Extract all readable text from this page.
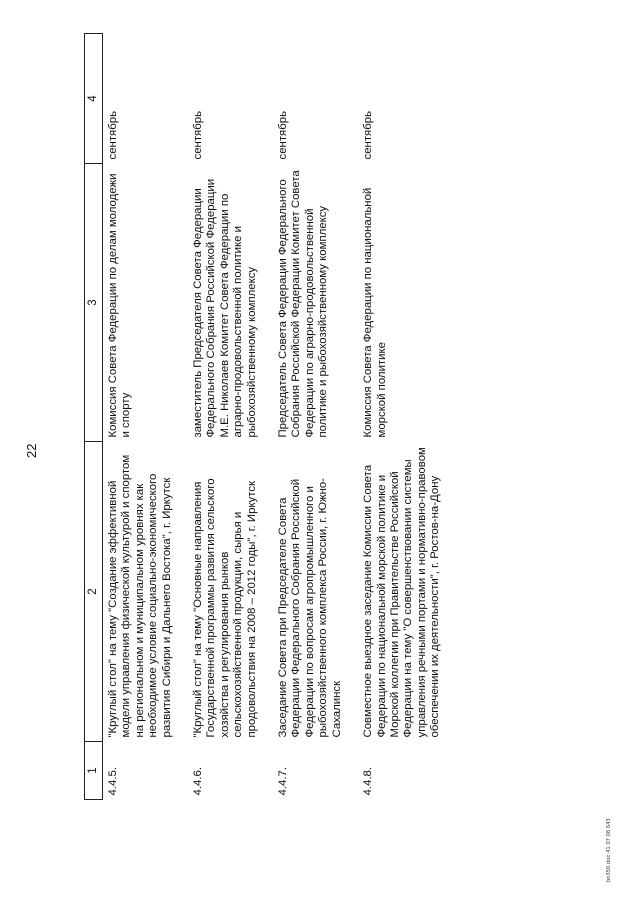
22
1	2	3	4
4.4.5.	"Круглый стол" на тему "Создание эффективной модели управления физической культурой и спортом на региональном и муниципальном уровнях как необходимое условие социально-экономического развития Сибири и Дальнего Востока", г. Иркутск	Комиссия Совета Федерации по делам молодежи и спорту	сентябрь
4.4.6.	"Круглый стол" на тему "Основные направления Государственной программы развития сельского хозяйства и регулирования рынков сельскохозяйственной продукции, сырья и продовольствия на 2008 – 2012 годы", г. Иркутск	заместитель Председателя Совета Федерации Федерального Собрания Российской Федерации М.Е. Николаев Комитет Совета Федерации по аграрно-продовольственной политике и рыбохозяйственному комплексу	сентябрь
4.4.7.	Заседание Совета при Председателе Совета Федерации Федерального Собрания Российской Федерации по вопросам агропромышленного и рыбохозяйственного комплекса России, г. Южно-Сахалинск	Председатель Совета Федерации Федерального Собрания Российской Федерации Комитет Совета Федерации по аграрно-продовольственной политике и рыбохозяйственному комплексу	сентябрь
4.4.8.	Совместное выездное заседание Комиссии Совета Федерации по национальной морской политике и Морской коллегии при Правительстве Российской Федерации на тему "О совершенствовании системы управления речными портами и нормативно-правовом обеспечении их деятельности", г. Ростов-на-Дону	Комиссия Совета Федерации по национальной морской политике	сентябрь
bn359.doc 41 07 08 643
